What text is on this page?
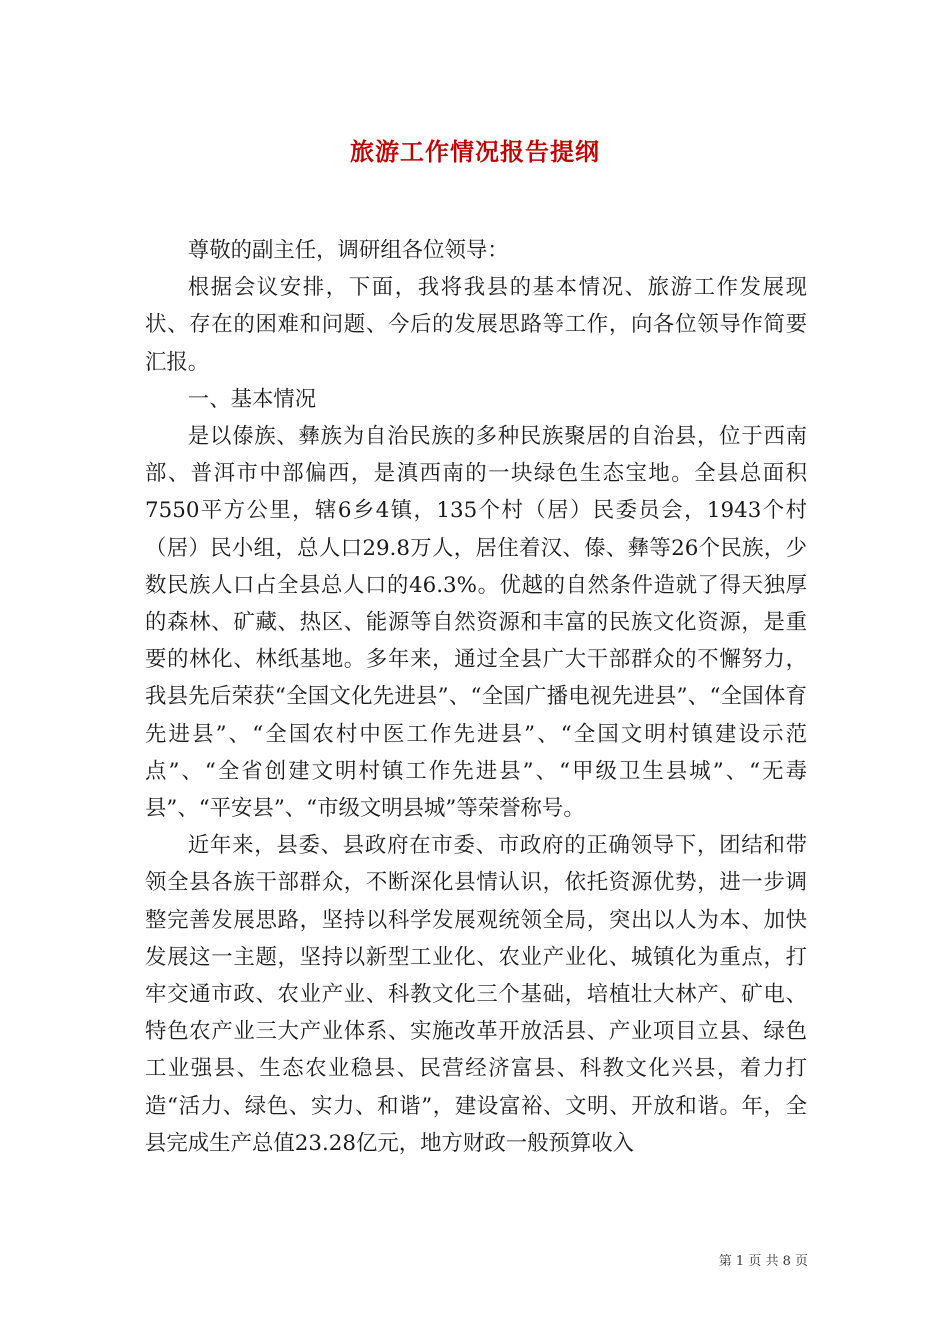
旅游工作情况报告提纲

尊敬的副主任，调研组各位领导：

根据会议安排，下面，我将我县的基本情况、旅游工作发展现状、存在的困难和问题、今后的发展思路等工作，向各位领导作简要汇报。

一、基本情况

是以傣族、彝族为自治民族的多种民族聚居的自治县，位于西南部、普洱市中部偏西，是滇西南的一块绿色生态宝地。全县总面积7550平方公里，辖6乡4镇，135个村（居）民委员会，1943个村（居）民小组，总人口29.8万人，居住着汉、傣、彝等26个民族，少数民族人口占全县总人口的46.3%。优越的自然条件造就了得天独厚的森林、矿藏、热区、能源等自然资源和丰富的民族文化资源，是重要的林化、林纸基地。多年来，通过全县广大干部群众的不懈努力，我县先后荣获“全国文化先进县”、“全国广播电视先进县”、“全国体育先进县”、“全国农村中医工作先进县”、“全国文明村镇建设示范点”、“全省创建文明村镇工作先进县”、“甲级卫生县城”、“无毒县”、“平安县”、“市级文明县城”等荣誉称号。

近年来，县委、县政府在市委、市政府的正确领导下，团结和带领全县各族干部群众，不断深化县情认识，依托资源优势，进一步调整完善发展思路，坚持以科学发展观统领全局，突出以人为本、加快发展这一主题，坚持以新型工业化、农业产业化、城镇化为重点，打牢交通市政、农业产业、科教文化三个基础，培植壮大林产、矿电、特色农产业三大产业体系、实施改革开放活县、产业项目立县、绿色工业强县、生态农业稳县、民营经济富县、科教文化兴县，着力打造“活力、绿色、实力、和谐”，建设富裕、文明、开放和谐。年，全县完成生产总值23.28亿元，地方财政一般预算收入

第 1 页 共 8 页
